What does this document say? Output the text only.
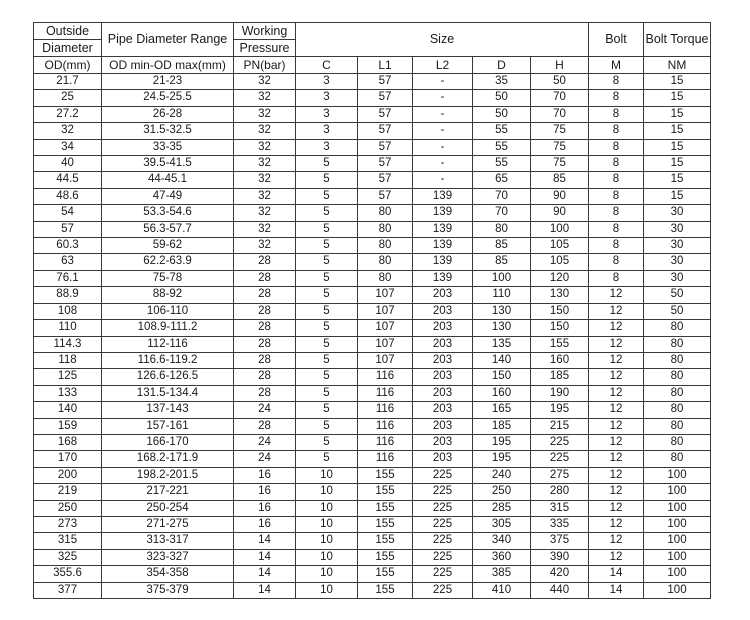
Outside	Pipe Diameter Range	Working	Size					Bolt	Bolt Torque
Diameter		Pressure							
OD(mm)	OD min-OD max(mm)	PN(bar)	C	L1	L2	D	H	M	NM
21.7	21-23	32	3	57	-	35	50	8	15
25	24.5-25.5	32	3	57	-	50	70	8	15
27.2	26-28	32	3	57	-	50	70	8	15
32	31.5-32.5	32	3	57	-	55	75	8	15
34	33-35	32	3	57	-	55	75	8	15
40	39.5-41.5	32	5	57	-	55	75	8	15
44.5	44-45.1	32	5	57	-	65	85	8	15
48.6	47-49	32	5	57	139	70	90	8	15
54	53.3-54.6	32	5	80	139	70	90	8	30
57	56.3-57.7	32	5	80	139	80	100	8	30
60.3	59-62	32	5	80	139	85	105	8	30
63	62.2-63.9	28	5	80	139	85	105	8	30
76.1	75-78	28	5	80	139	100	120	8	30
88.9	88-92	28	5	107	203	110	130	12	50
108	106-110	28	5	107	203	130	150	12	50
110	108.9-111.2	28	5	107	203	130	150	12	80
114.3	112-116	28	5	107	203	135	155	12	80
118	116.6-119.2	28	5	107	203	140	160	12	80
125	126.6-126.5	28	5	116	203	150	185	12	80
133	131.5-134.4	28	5	116	203	160	190	12	80
140	137-143	24	5	116	203	165	195	12	80
159	157-161	28	5	116	203	185	215	12	80
168	166-170	24	5	116	203	195	225	12	80
170	168.2-171.9	24	5	116	203	195	225	12	80
200	198.2-201.5	16	10	155	225	240	275	12	100
219	217-221	16	10	155	225	250	280	12	100
250	250-254	16	10	155	225	285	315	12	100
273	271-275	16	10	155	225	305	335	12	100
315	313-317	14	10	155	225	340	375	12	100
325	323-327	14	10	155	225	360	390	12	100
355.6	354-358	14	10	155	225	385	420	14	100
377	375-379	14	10	155	225	410	440	14	100
